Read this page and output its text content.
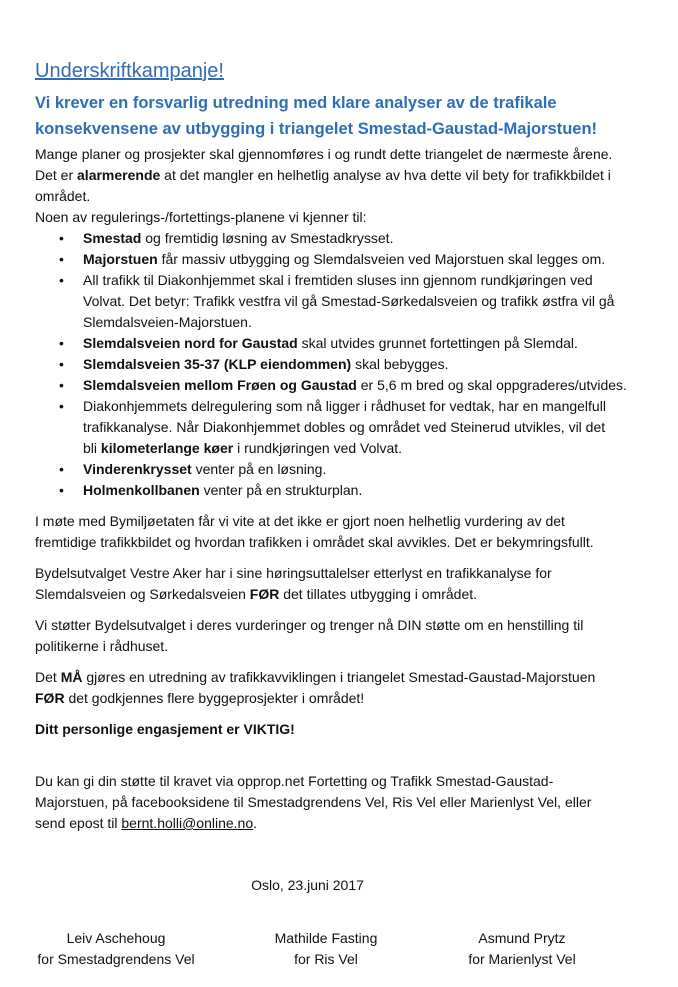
Underskriftkampanje!
Vi krever en forsvarlig utredning med klare analyser av de trafikale
konsekvensene av utbygging i triangelet Smestad-Gaustad-Majorstuen!

Mange planer og prosjekter skal gjennomføres i og rundt dette triangelet de nærmeste årene.

Det er alarmerende at det mangler en helhetlig analyse av hva dette vil bety for trafikkbildet i

området.

Noen av regulerings-/fortettings-planene vi kjenner til:

• Smestad og fremtidig løsning av Smestadkrysset.
• Majorstuen får massiv utbygging og Slemdalsveien ved Majorstuen skal legges om.
• All trafikk til Diakonhjemmet skal i fremtiden sluses inn gjennom rundkjøringen ved
Volvat. Det betyr: Trafikk vestfra vil gå Smestad-Sørkedalsveien og trafikk østfra vil gå
Slemdalsveien-Majorstuen.
• Slemdalsveien nord for Gaustad skal utvides grunnet fortettingen på Slemdal.
• Slemdalsveien 35-37 (KLP eiendommen) skal bebygges.
• Slemdalsveien mellom Frøen og Gaustad er 5,6 m bred og skal oppgraderes/utvides.
• Diakonhjemmets delregulering som nå ligger i rådhuset for vedtak, har en mangelfull
trafikkanalyse. Når Diakonhjemmet dobles og området ved Steinerud utvikles, vil det
bli kilometerlange køer i rundkjøringen ved Volvat.
• Vinderenkrysset venter på en løsning.
• Holmenkollbanen venter på en strukturplan.

I møte med Bymiljøetaten får vi vite at det ikke er gjort noen helhetlig vurdering av det

fremtidige trafikkbildet og hvordan trafikken i området skal avvikles. Det er bekymringsfullt.

Bydelsutvalget Vestre Aker har i sine høringsuttalelser etterlyst en trafikkanalyse for

Slemdalsveien og Sørkedalsveien FØR det tillates utbygging i området.

Vi støtter Bydelsutvalget i deres vurderinger og trenger nå DIN støtte om en henstilling til

politikerne i rådhuset.

Det MÅ gjøres en utredning av trafikkavviklingen i triangelet Smestad-Gaustad-Majorstuen

FØR det godkjennes flere byggeprosjekter i området!

Ditt personlige engasjement er VIKTIG!

Du kan gi din støtte til kravet via opprop.net Fortetting og Trafikk Smestad-Gaustad-

Majorstuen, på facebooksidene til Smestadgrendens Vel, Ris Vel eller Marienlyst Vel, eller

send epost til bernt.holli@online.no.

Oslo, 23.juni 2017
Leiv Aschehoug
for Smestadgrendens Vel
Mathilde Fasting
for Ris Vel
Asmund Prytz
for Marienlyst Vel
